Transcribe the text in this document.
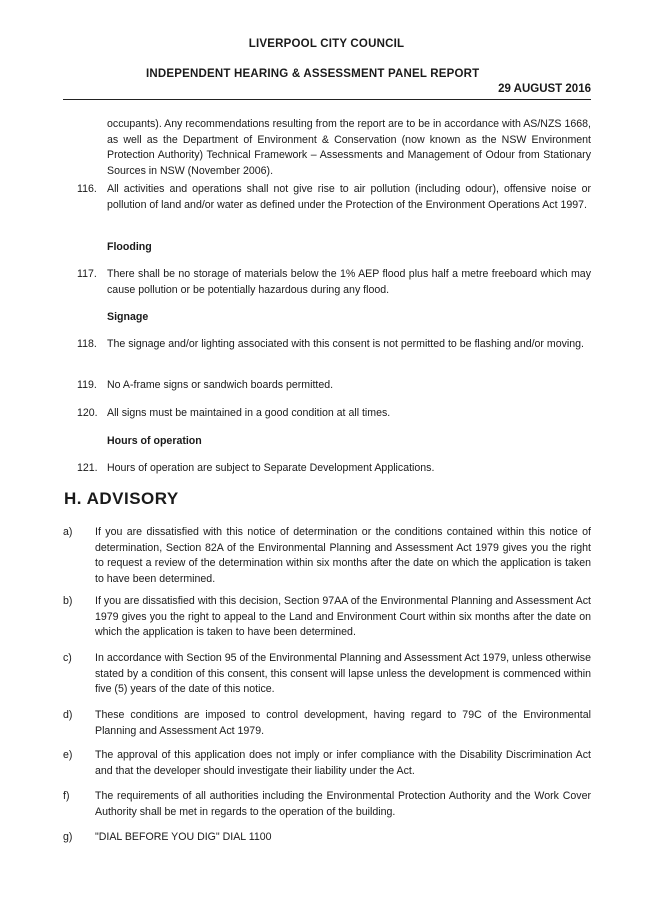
LIVERPOOL CITY COUNCIL
INDEPENDENT HEARING & ASSESSMENT PANEL REPORT
29 AUGUST 2016
occupants). Any recommendations resulting from the report are to be in accordance with AS/NZS 1668, as well as the Department of Environment & Conservation (now known as the NSW Environment Protection Authority) Technical Framework – Assessments and Management of Odour from Stationary Sources in NSW (November 2006).
116. All activities and operations shall not give rise to air pollution (including odour), offensive noise or pollution of land and/or water as defined under the Protection of the Environment Operations Act 1997.
Flooding
117. There shall be no storage of materials below the 1% AEP flood plus half a metre freeboard which may cause pollution or be potentially hazardous during any flood.
Signage
118. The signage and/or lighting associated with this consent is not permitted to be flashing and/or moving.
119. No A-frame signs or sandwich boards permitted.
120. All signs must be maintained in a good condition at all times.
Hours of operation
121. Hours of operation are subject to Separate Development Applications.
H. ADVISORY
a) If you are dissatisfied with this notice of determination or the conditions contained within this notice of determination, Section 82A of the Environmental Planning and Assessment Act 1979 gives you the right to request a review of the determination within six months after the date on which the application is taken to have been determined.
b) If you are dissatisfied with this decision, Section 97AA of the Environmental Planning and Assessment Act 1979 gives you the right to appeal to the Land and Environment Court within six months after the date on which the application is taken to have been determined.
c) In accordance with Section 95 of the Environmental Planning and Assessment Act 1979, unless otherwise stated by a condition of this consent, this consent will lapse unless the development is commenced within five (5) years of the date of this notice.
d) These conditions are imposed to control development, having regard to 79C of the Environmental Planning and Assessment Act 1979.
e) The approval of this application does not imply or infer compliance with the Disability Discrimination Act and that the developer should investigate their liability under the Act.
f) The requirements of all authorities including the Environmental Protection Authority and the Work Cover Authority shall be met in regards to the operation of the building.
g) "DIAL BEFORE YOU DIG" DIAL 1100
